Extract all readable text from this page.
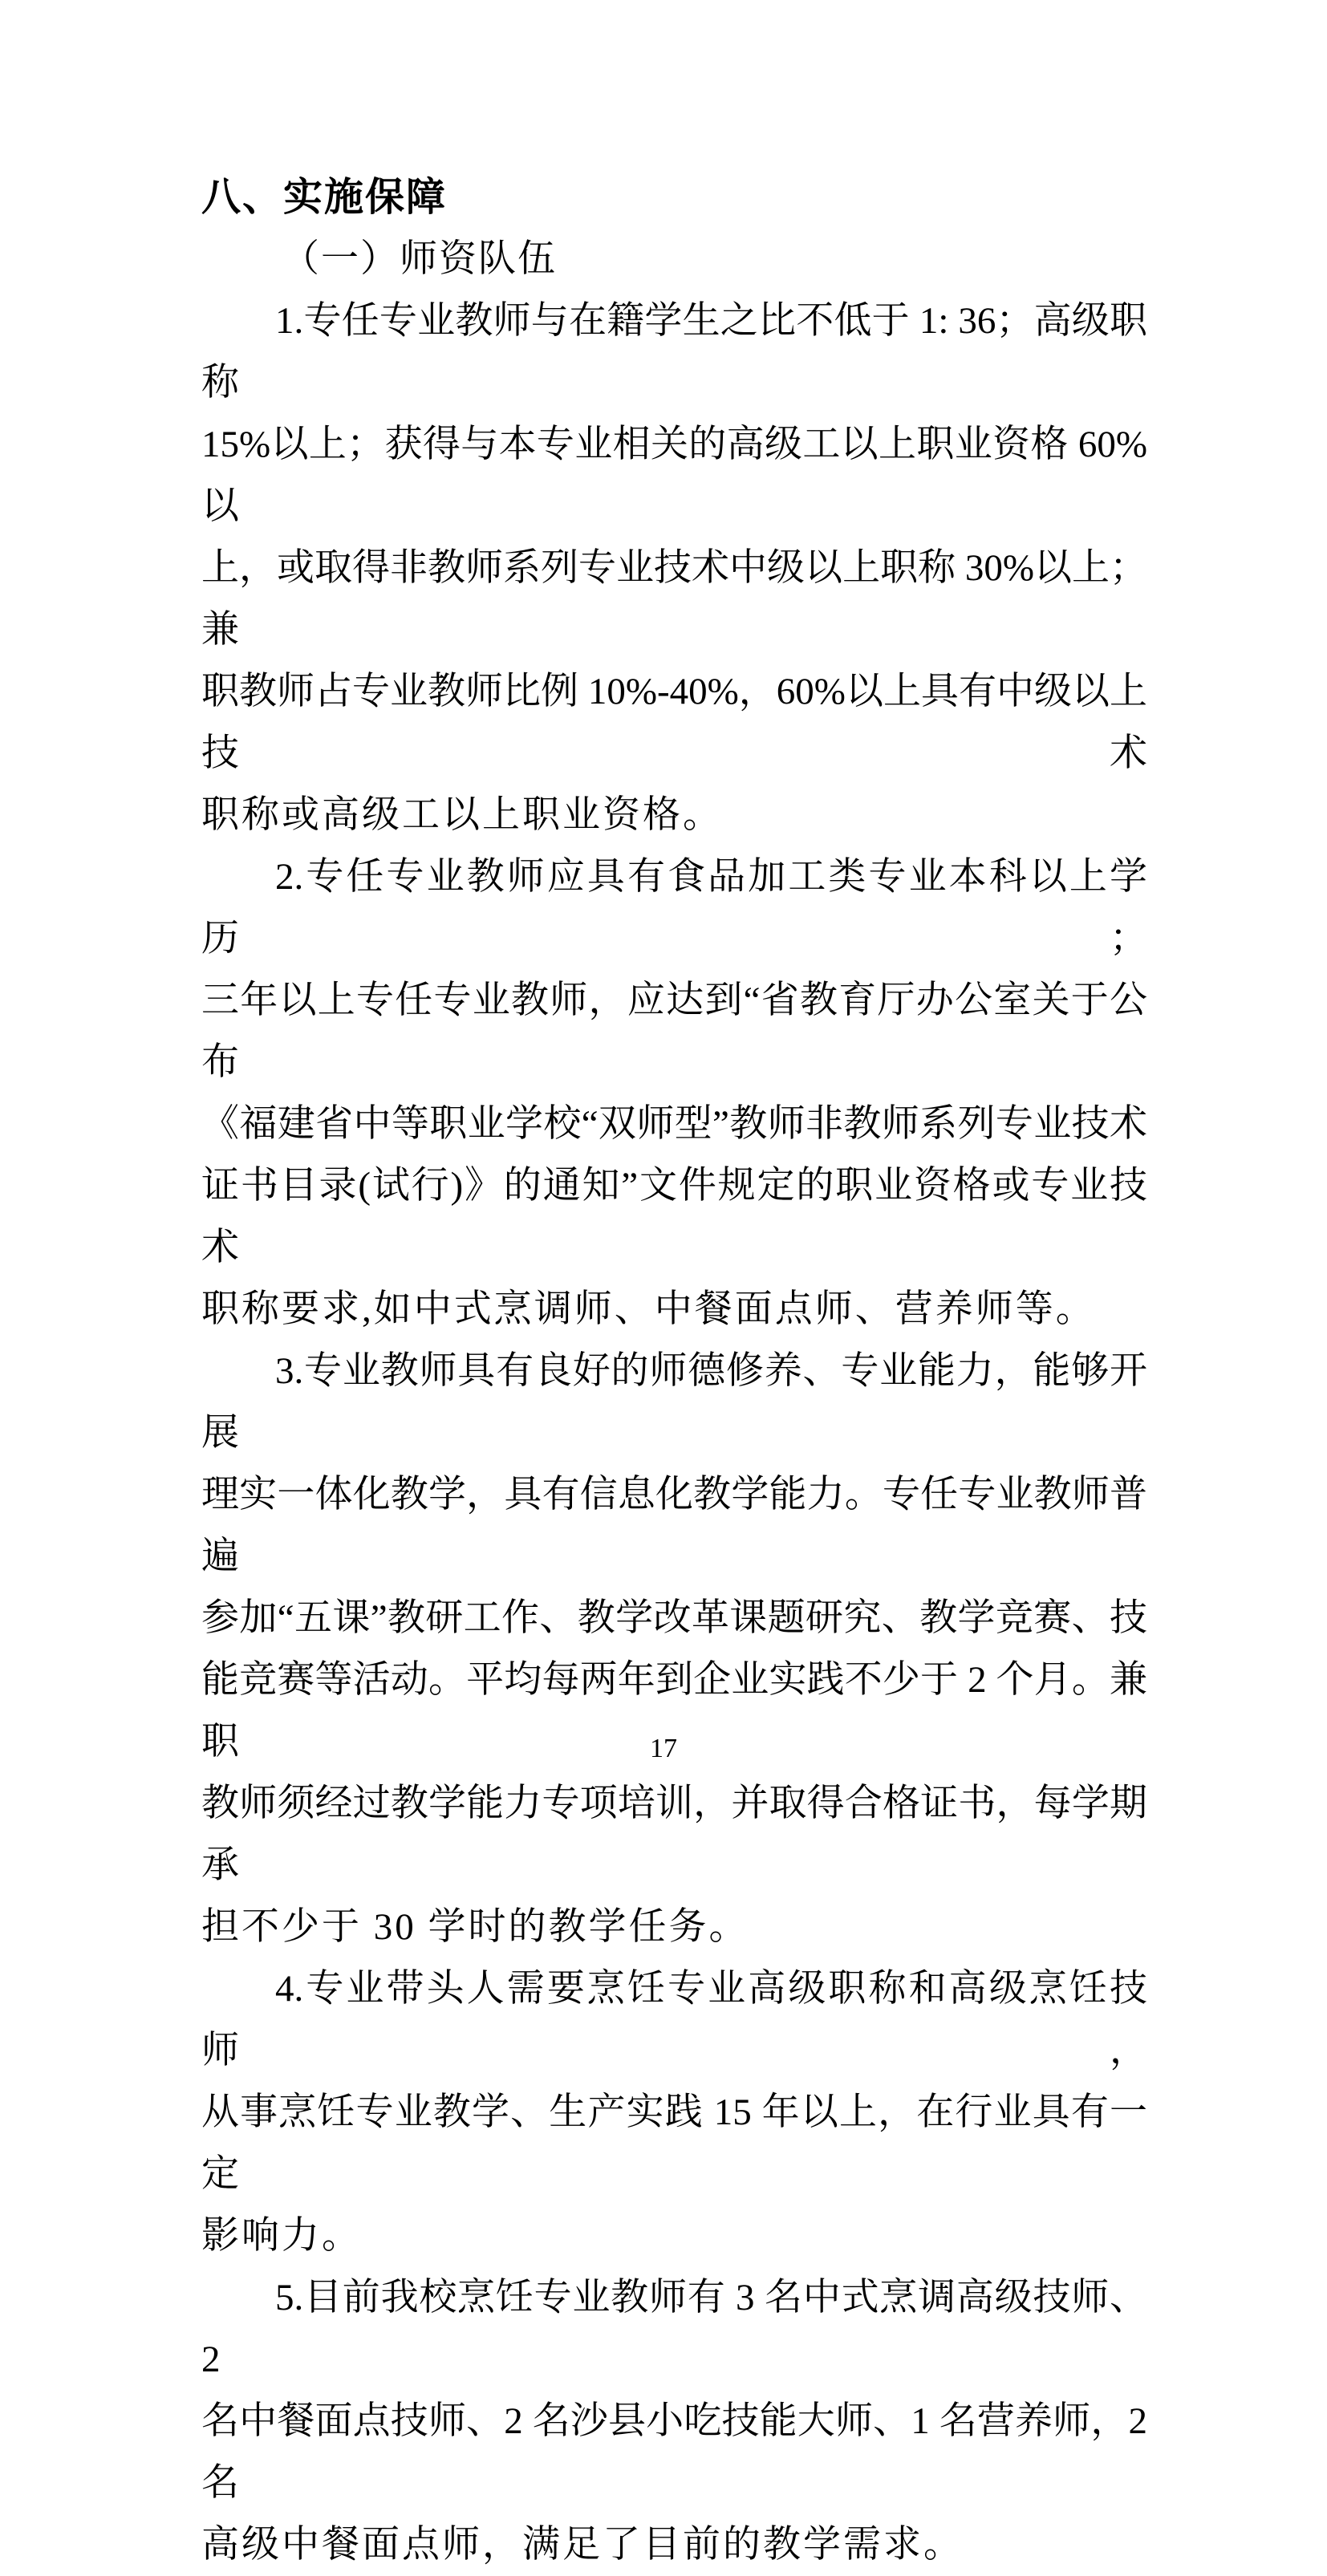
八、实施保障
（一）师资队伍
1.专任专业教师与在籍学生之比不低于 1: 36；高级职称
15%以上；获得与本专业相关的高级工以上职业资格 60%以
上，或取得非教师系列专业技术中级以上职称 30%以上；兼
职教师占专业教师比例 10%-40%，60%以上具有中级以上技术
职称或高级工以上职业资格。
2.专任专业教师应具有食品加工类专业本科以上学历；
三年以上专任专业教师，应达到“省教育厅办公室关于公布
《福建省中等职业学校“双师型”教师非教师系列专业技术
证书目录(试行)》的通知”文件规定的职业资格或专业技术
职称要求,如中式烹调师、中餐面点师、营养师等。
3.专业教师具有良好的师德修养、专业能力，能够开展
理实一体化教学，具有信息化教学能力。专任专业教师普遍
参加“五课”教研工作、教学改革课题研究、教学竞赛、技
能竞赛等活动。平均每两年到企业实践不少于 2 个月。兼职
教师须经过教学能力专项培训，并取得合格证书，每学期承
担不少于 30 学时的教学任务。
4.专业带头人需要烹饪专业高级职称和高级烹饪技师，
从事烹饪专业教学、生产实践 15 年以上，在行业具有一定
影响力。
5.目前我校烹饪专业教师有 3 名中式烹调高级技师、2
名中餐面点技师、2 名沙县小吃技能大师、1 名营养师，2 名
高级中餐面点师，满足了目前的教学需求。
17
